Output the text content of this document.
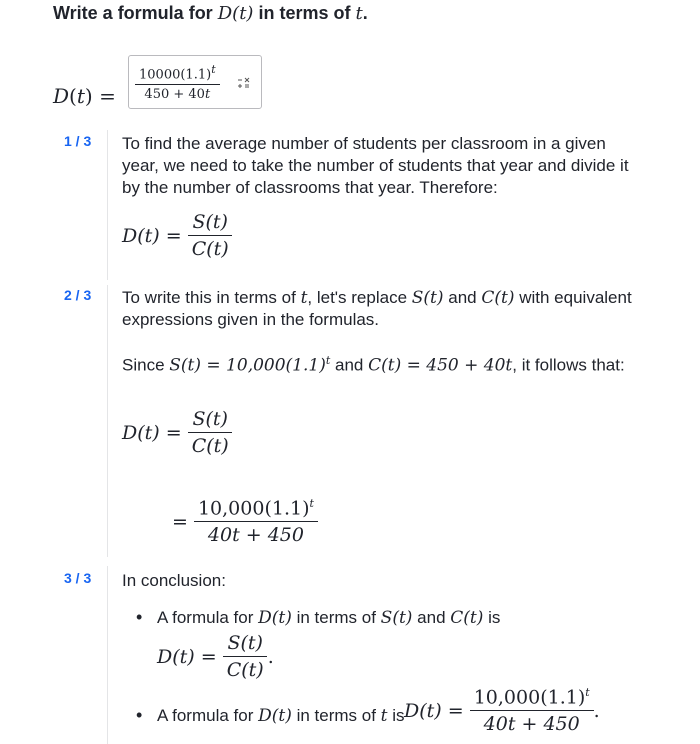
Write a formula for D(t) in terms of t.
$D(t) = \frac{10000(1.1)^t}{450 + 40t}$
1 / 3 To find the average number of students per classroom in a given year, we need to take the number of students that year and divide it by the number of classrooms that year. Therefore:
D(t)
=
$\frac{S(t)}{C(t)}$
2 / 3 To write this in terms of t, let's replace S(t) and C(t) with equivalent expressions given in the formulas.
Since $S(t) = 10,000(1.1)^t$ and C(t) = 450 + 40t, it follows that:
D(t)
=
$\frac{S(t)}{C(t)}$
=
$\frac{10,000(1.1)^t}{40t + 450}$
3 / 3 In conclusion:
• A formula for D(t) in terms of S(t) and C(t) is
D(t)
=
$\frac{S(t)}{C(t)}$ .
• A formula for D(t) in terms of t is D(t)
=
$\frac{10,000(1.1)^t}{40t + 450}$ .
